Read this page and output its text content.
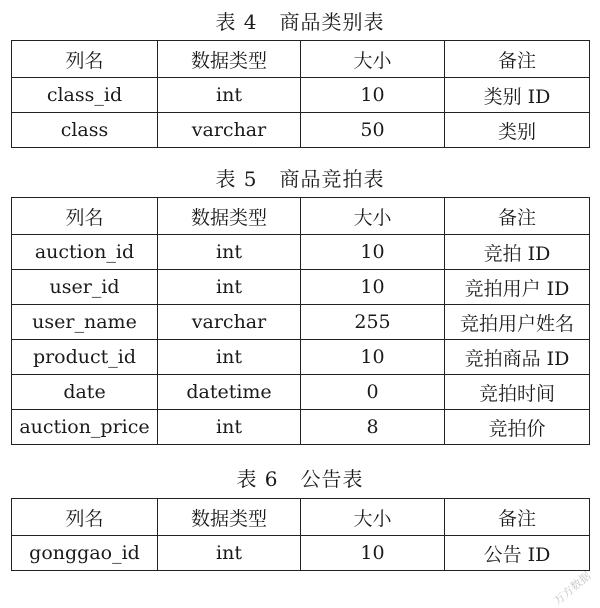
表 4 商品类别表
列名	数据类型	大小	备注
class_id	int	10	类别 ID
class	varchar	50	类别
表 5 商品竞拍表
列名	数据类型	大小	备注
auction_id	int	10	竞拍 ID
user_id	int	10	竞拍用户 ID
user_name	varchar	255	竞拍用户姓名
product_id	int	10	竞拍商品 ID
date	datetime	0	竞拍时间
auction_price	int	8	竞拍价
表 6 公告表
列名	数据类型	大小	备注
gonggao_id	int	10	公告 ID
万方数据
